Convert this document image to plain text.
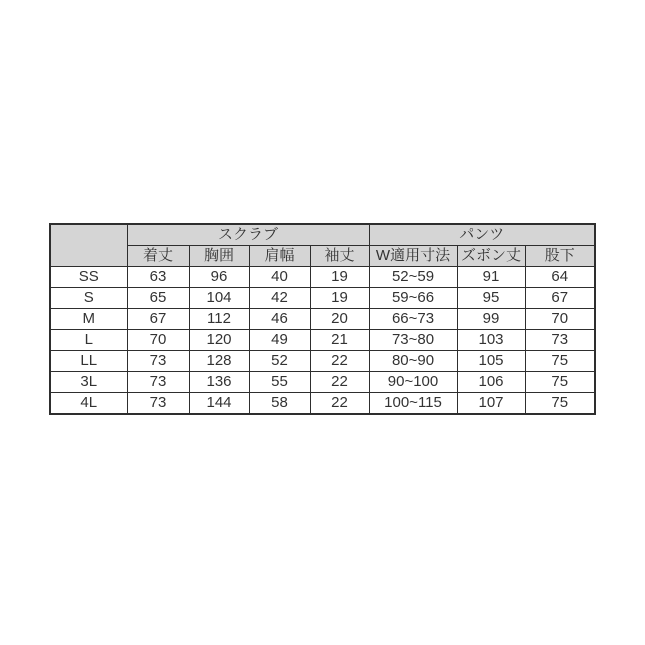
	スクラブ				パンツ		
	着丈	胸囲	肩幅	袖丈	W適用寸法	ズボン丈	股下
SS	63	96	40	19	52~59	91	64
S	65	104	42	19	59~66	95	67
M	67	112	46	20	66~73	99	70
L	70	120	49	21	73~80	103	73
LL	73	128	52	22	80~90	105	75
3L	73	136	55	22	90~100	106	75
4L	73	144	58	22	100~115	107	75
